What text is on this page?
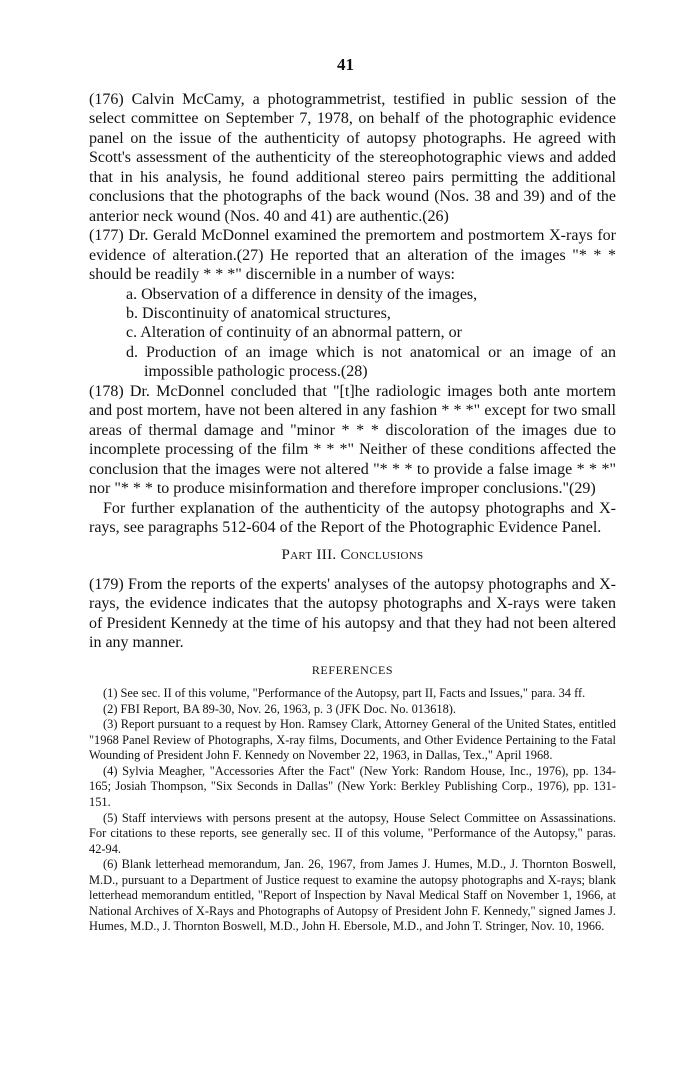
41

(176) Calvin McCamy, a photogrammetrist, testified in public session of the select committee on September 7, 1978, on behalf of the photographic evidence panel on the issue of the authenticity of autopsy photographs. He agreed with Scott's assessment of the authenticity of the stereophotographic views and added that in his analysis, he found additional stereo pairs permitting the additional conclusions that the photographs of the back wound (Nos. 38 and 39) and of the anterior neck wound (Nos. 40 and 41) are authentic.(26)

(177) Dr. Gerald McDonnel examined the premortem and postmortem X-rays for evidence of alteration.(27) He reported that an alteration of the images "* * * should be readily * * *" discernible in a number of ways:

a. Observation of a difference in density of the images,
b. Discontinuity of anatomical structures,
c. Alteration of continuity of an abnormal pattern, or
d. Production of an image which is not anatomical or an image of an impossible pathologic process.(28)

(178) Dr. McDonnel concluded that "[t]he radiologic images both ante mortem and post mortem, have not been altered in any fashion * * *" except for two small areas of thermal damage and "minor * * * discoloration of the images due to incomplete processing of the film * * *" Neither of these conditions affected the conclusion that the images were not altered "* * * to provide a false image * * *" nor "* * * to produce misinformation and therefore improper conclusions."(29)

For further explanation of the authenticity of the autopsy photographs and X-rays, see paragraphs 512-604 of the Report of the Photographic Evidence Panel.

Part III. Conclusions

(179) From the reports of the experts' analyses of the autopsy photographs and X-rays, the evidence indicates that the autopsy photographs and X-rays were taken of President Kennedy at the time of his autopsy and that they had not been altered in any manner.

REFERENCES

(1) See sec. II of this volume, "Performance of the Autopsy, part II, Facts and Issues," para. 34 ff.

(2) FBI Report, BA 89-30, Nov. 26, 1963, p. 3 (JFK Doc. No. 013618).

(3) Report pursuant to a request by Hon. Ramsey Clark, Attorney General of the United States, entitled "1968 Panel Review of Photographs, X-ray films, Documents, and Other Evidence Pertaining to the Fatal Wounding of President John F. Kennedy on November 22, 1963, in Dallas, Tex.," April 1968.

(4) Sylvia Meagher, "Accessories After the Fact" (New York: Random House, Inc., 1976), pp. 134-165; Josiah Thompson, "Six Seconds in Dallas" (New York: Berkley Publishing Corp., 1976), pp. 131-151.

(5) Staff interviews with persons present at the autopsy, House Select Committee on Assassinations. For citations to these reports, see generally sec. II of this volume, "Performance of the Autopsy," paras. 42-94.

(6) Blank letterhead memorandum, Jan. 26, 1967, from James J. Humes, M.D., J. Thornton Boswell, M.D., pursuant to a Department of Justice request to examine the autopsy photographs and X-rays; blank letterhead memorandum entitled, "Report of Inspection by Naval Medical Staff on November 1, 1966, at National Archives of X-Rays and Photographs of Autopsy of President John F. Kennedy," signed James J. Humes, M.D., J. Thornton Boswell, M.D., John H. Ebersole, M.D., and John T. Stringer, Nov. 10, 1966.
